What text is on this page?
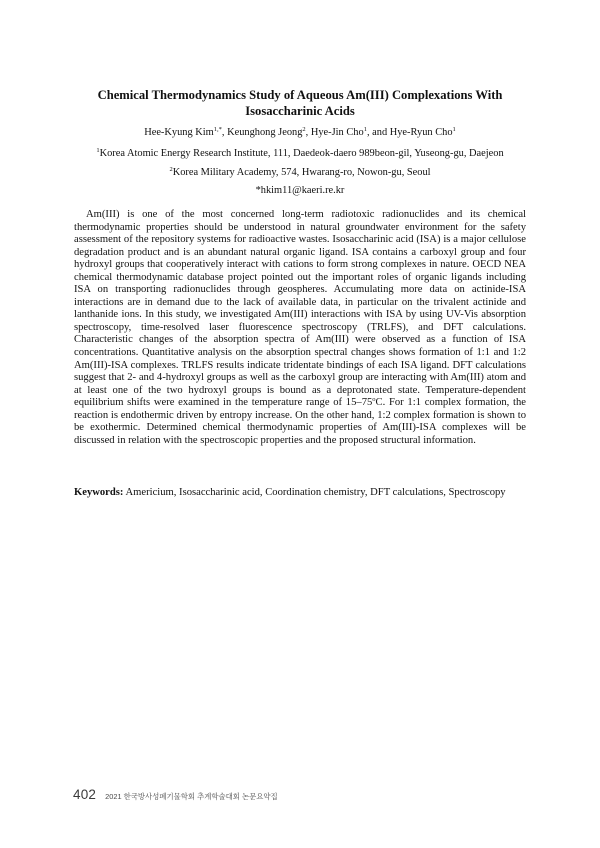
Chemical Thermodynamics Study of Aqueous Am(III) Complexations With
Isosaccharinic Acids

Hee-Kyung Kim$^{1,*}$, Keunghong Jeong$^2$, Hye-Jin Cho$^1$, and Hye-Ryun Cho$^1$

$^1$Korea Atomic Energy Research Institute, 111, Daedeok-daero 989beon-gil, Yuseong-gu, Daejeon

$^2$Korea Military Academy, 574, Hwarang-ro, Nowon-gu, Seoul

*hkim11@kaeri.re.kr

Am(III) is one of the most concerned long-term radiotoxic radionuclides and its chemical thermodynamic properties should be understood in natural groundwater environment for the safety assessment of the repository systems for radioactive wastes. Isosaccharinic acid (ISA) is a major cellulose degradation product and is an abundant natural organic ligand. ISA contains a carboxyl group and four hydroxyl groups that cooperatively interact with cations to form strong complexes in nature. OECD NEA chemical thermodynamic database project pointed out the important roles of organic ligands including ISA on transporting radionuclides through geospheres. Accumulating more data on actinide-ISA interactions are in demand due to the lack of available data, in particular on the trivalent actinide and lanthanide ions. In this study, we investigated Am(III) interactions with ISA by using UV-Vis absorption spectroscopy, time-resolved laser fluorescence spectroscopy (TRLFS), and DFT calculations. Characteristic changes of the absorption spectra of Am(III) were observed as a function of ISA concentrations. Quantitative analysis on the absorption spectral changes shows formation of 1:1 and 1:2 Am(III)-ISA complexes. TRLFS results indicate tridentate bindings of each ISA ligand. DFT calculations suggest that 2- and 4-hydroxyl groups as well as the carboxyl group are interacting with Am(III) atom and at least one of the two hydroxyl groups is bound as a deprotonated state. Temperature-dependent equilibrium shifts were examined in the temperature range of 15–75$^o$C. For 1:1 complex formation, the reaction is endothermic driven by entropy increase. On the other hand, 1:2 complex formation is shown to be exothermic. Determined chemical thermodynamic properties of Am(III)-ISA complexes will be discussed in relation with the spectroscopic properties and the proposed structural information.

Keywords: Americium, Isosaccharinic acid, Coordination chemistry, DFT calculations, Spectroscopy

402 2021 한국방사성폐기물학회 추계학술대회 논문요약집
